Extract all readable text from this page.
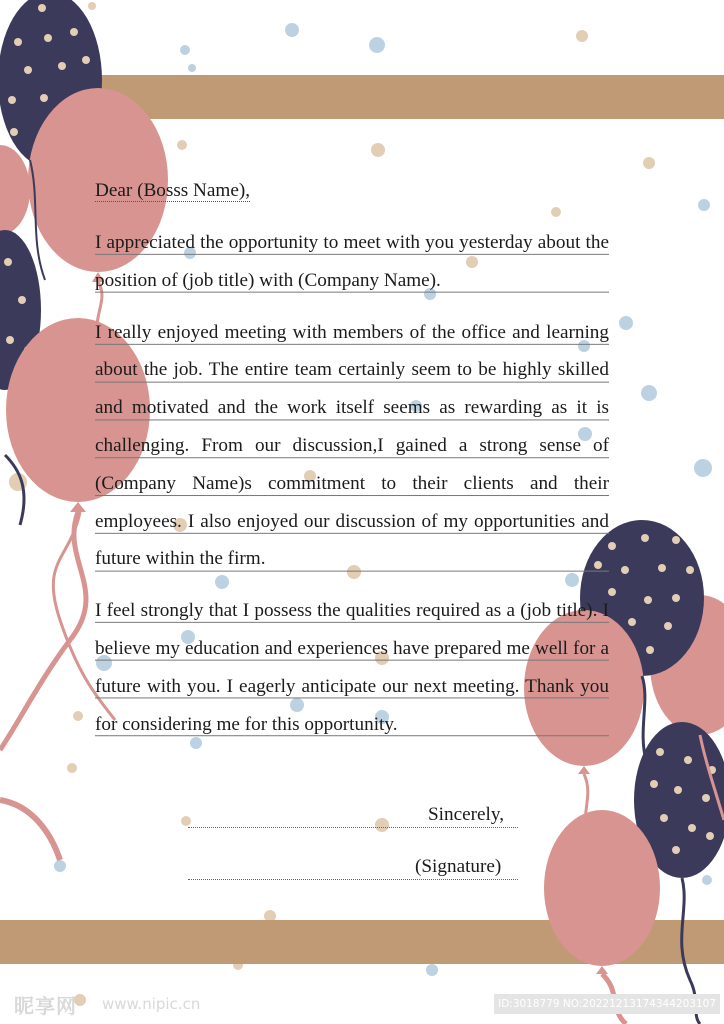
Dear (Bosss Name),
I appreciated the opportunity to meet with you yesterday about the position of (job title) with (Company Name).
I really enjoyed meeting with members of the office and learning about the job. The entire team certainly seem to be highly skilled and motivated and the work itself seems as rewarding as it is challenging. From our discussion,I gained a strong sense of (Company Name)s commitment to their clients and their employees. I also enjoyed our discussion of my opportunities and future within the firm.
I feel strongly that I possess the qualities required as a (job title). I believe my education and experiences have prepared me well for a future with you. I eagerly anticipate our next meeting. Thank you for considering me for this opportunity.
Sincerely,
(Signature)
昵享网 www.nipic.cn	ID:3018779 NO:20221213174344203107
